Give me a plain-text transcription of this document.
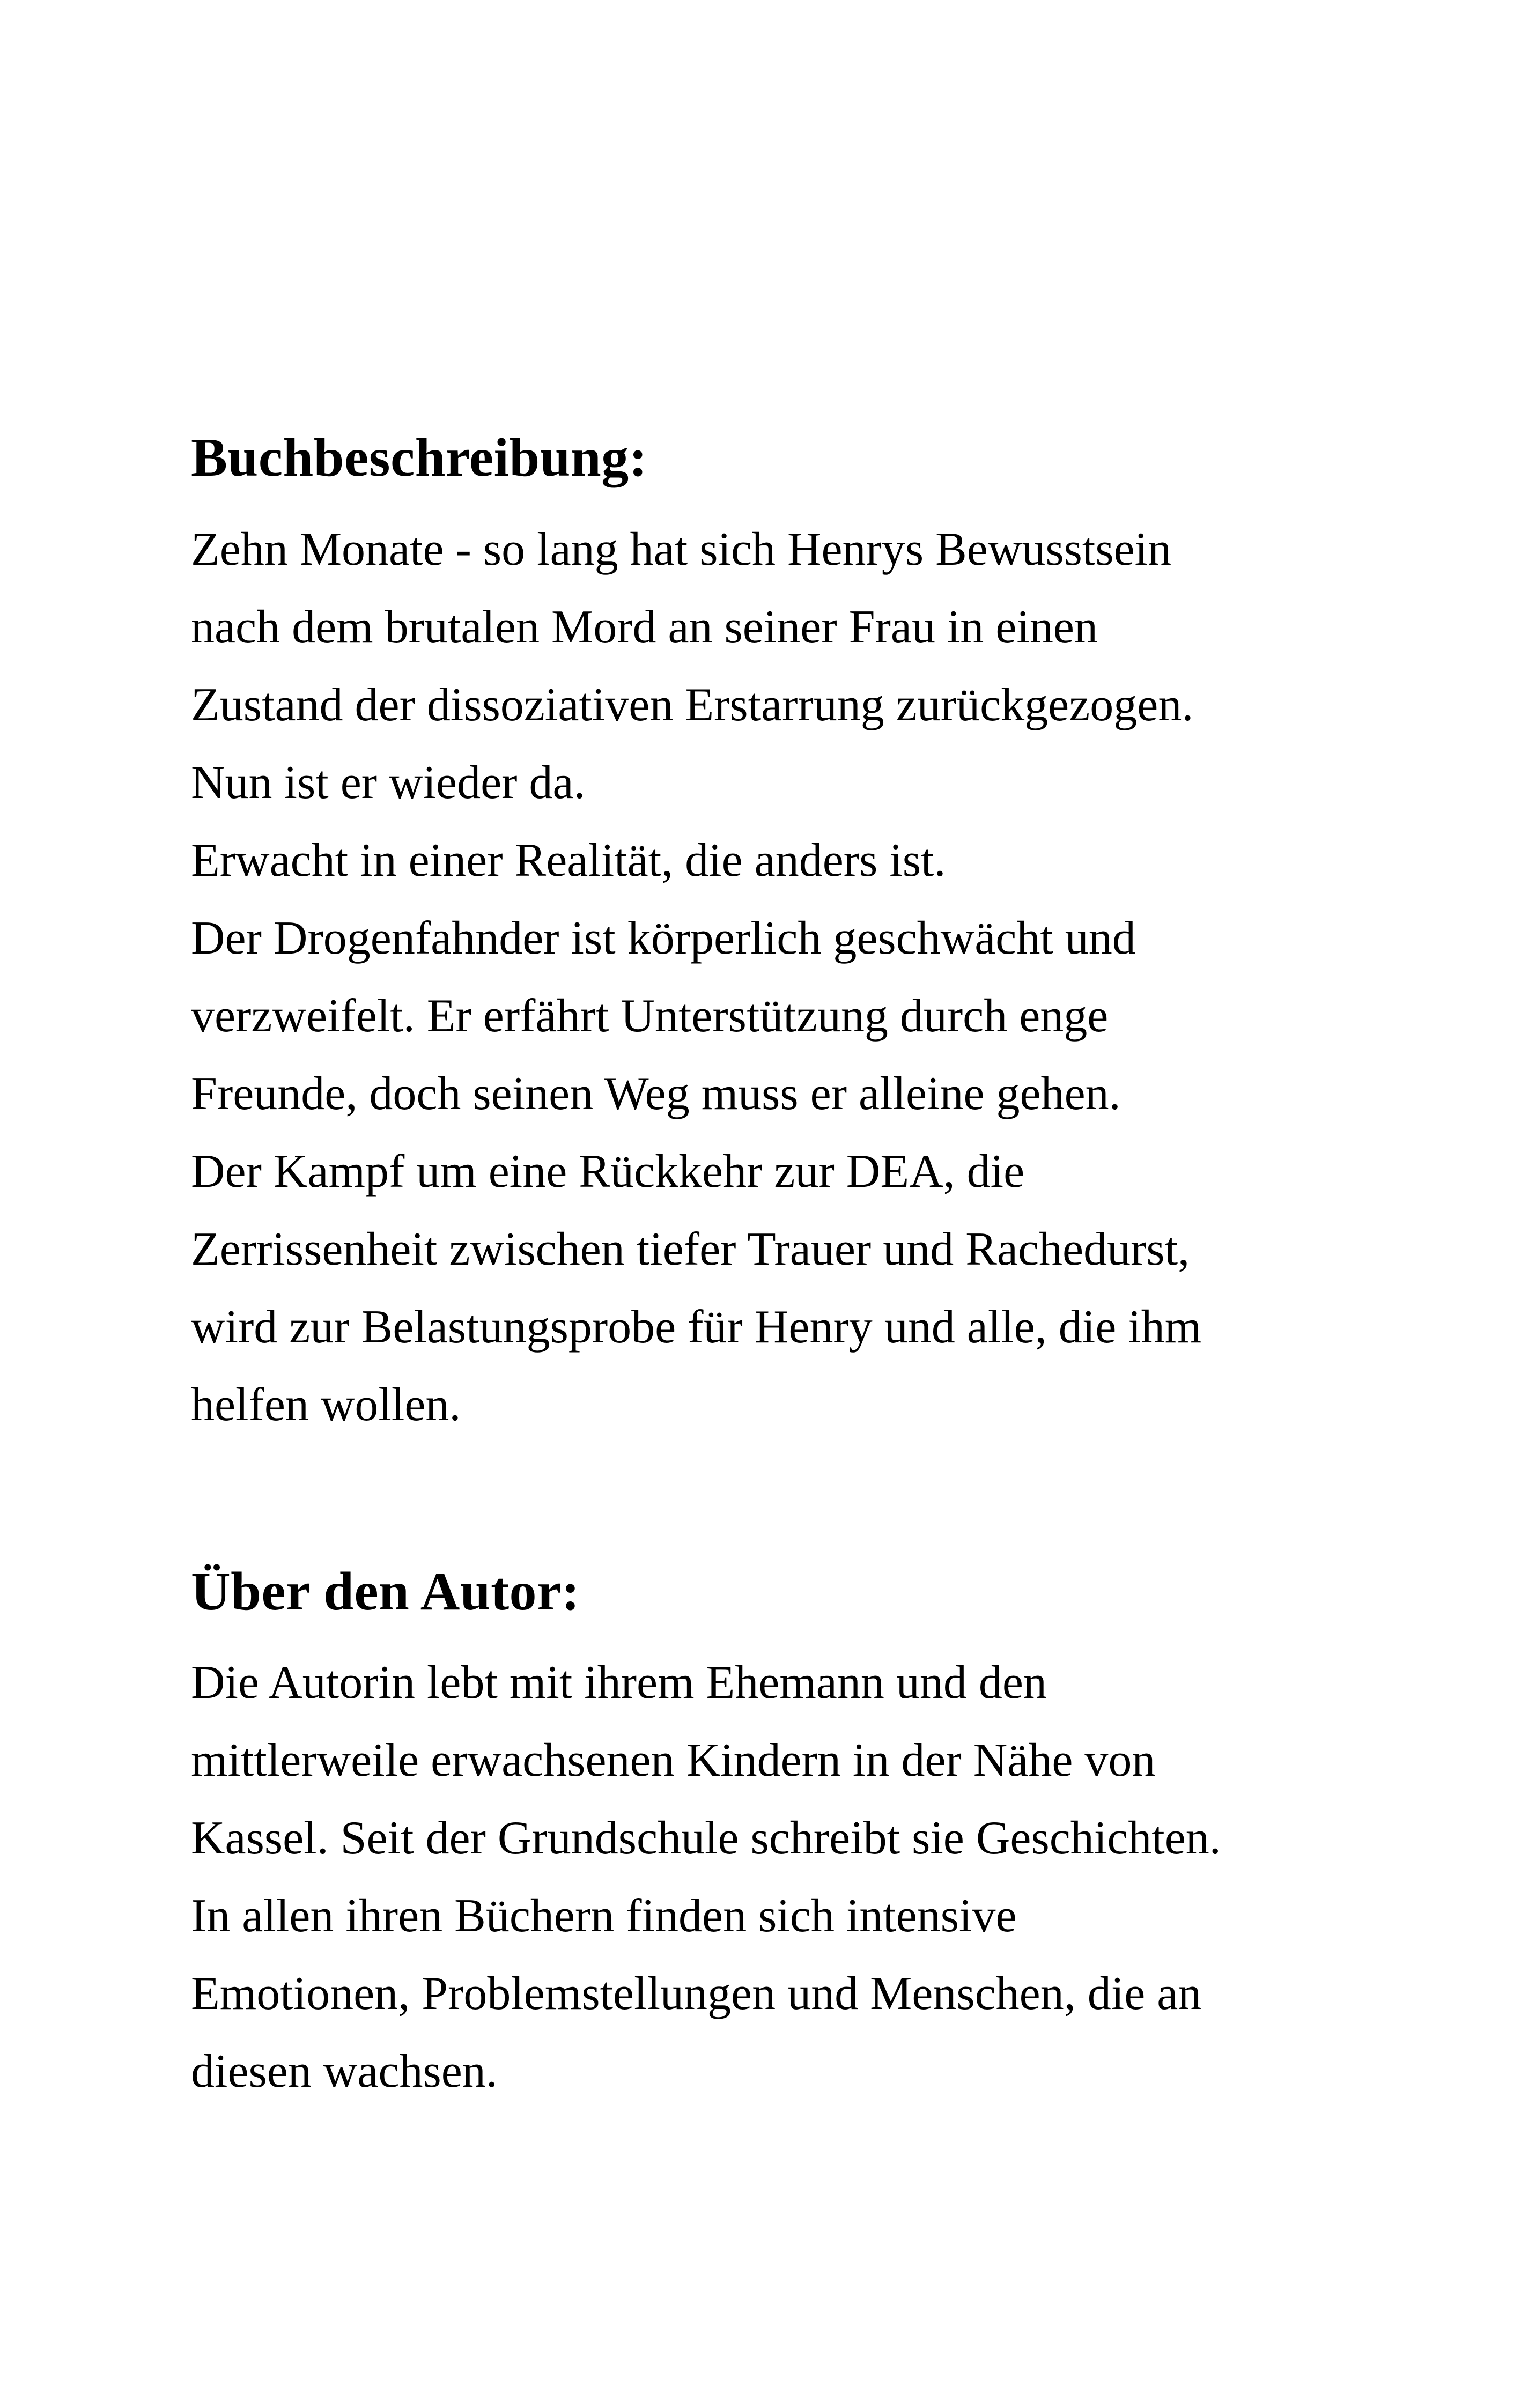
Buchbeschreibung:
Zehn Monate - so lang hat sich Henrys Bewusstsein
nach dem brutalen Mord an seiner Frau in einen
Zustand der dissoziativen Erstarrung zurückgezogen.
Nun ist er wieder da.
Erwacht in einer Realität, die anders ist.
Der Drogenfahnder ist körperlich geschwächt und
verzweifelt. Er erfährt Unterstützung durch enge
Freunde, doch seinen Weg muss er alleine gehen.
Der Kampf um eine Rückkehr zur DEA, die
Zerrissenheit zwischen tiefer Trauer und Rachedurst,
wird zur Belastungsprobe für Henry und alle, die ihm
helfen wollen.
Über den Autor:
Die Autorin lebt mit ihrem Ehemann und den
mittlerweile erwachsenen Kindern in der Nähe von
Kassel. Seit der Grundschule schreibt sie Geschichten.
In allen ihren Büchern finden sich intensive
Emotionen, Problemstellungen und Menschen, die an
diesen wachsen.
